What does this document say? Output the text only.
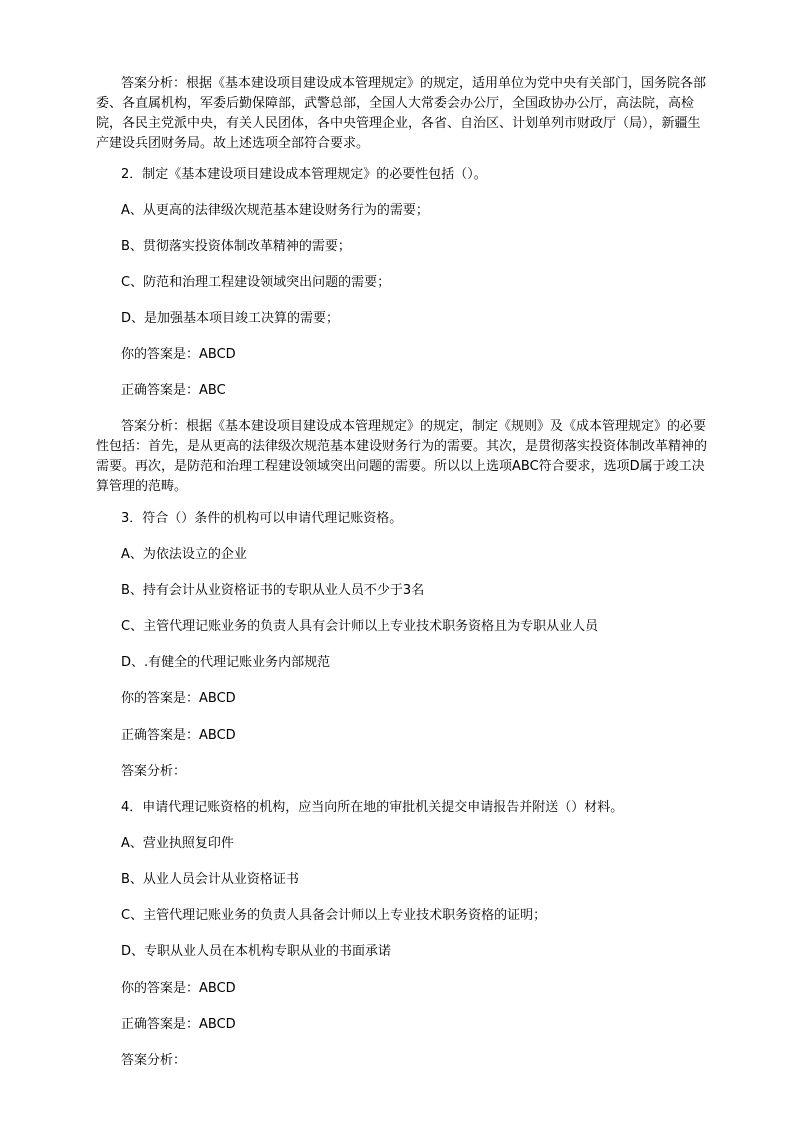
答案分析：根据《基本建设项目建设成本管理规定》的规定，适用单位为党中央有关部门，国务院各部委、各直属机构，军委后勤保障部，武警总部，全国人大常委会办公厅，全国政协办公厅，高法院，高检院，各民主党派中央，有关人民团体，各中央管理企业，各省、自治区、计划单列市财政厅（局），新疆生产建设兵团财务局。故上述选项全部符合要求。

2．制定《基本建设项目建设成本管理规定》的必要性包括（）。

A、从更高的法律级次规范基本建设财务行为的需要；

B、贯彻落实投资体制改革精神的需要；

C、防范和治理工程建设领域突出问题的需要；

D、是加强基本项目竣工决算的需要；

你的答案是：ABCD

正确答案是：ABC

答案分析：根据《基本建设项目建设成本管理规定》的规定，制定《规则》及《成本管理规定》的必要性包括：首先，是从更高的法律级次规范基本建设财务行为的需要。其次，是贯彻落实投资体制改革精神的需要。再次，是防范和治理工程建设领域突出问题的需要。所以以上选项ABC符合要求，选项D属于竣工决算管理的范畴。

3．符合（）条件的机构可以申请代理记账资格。

A、为依法设立的企业

B、持有会计从业资格证书的专职从业人员不少于3名

C、主管代理记账业务的负责人具有会计师以上专业技术职务资格且为专职从业人员

D、.有健全的代理记账业务内部规范

你的答案是：ABCD

正确答案是：ABCD

答案分析：

4．申请代理记账资格的机构，应当向所在地的审批机关提交申请报告并附送（）材料。

A、营业执照复印件

B、从业人员会计从业资格证书

C、主管代理记账业务的负责人具备会计师以上专业技术职务资格的证明；

D、专职从业人员在本机构专职从业的书面承诺

你的答案是：ABCD

正确答案是：ABCD

答案分析：
